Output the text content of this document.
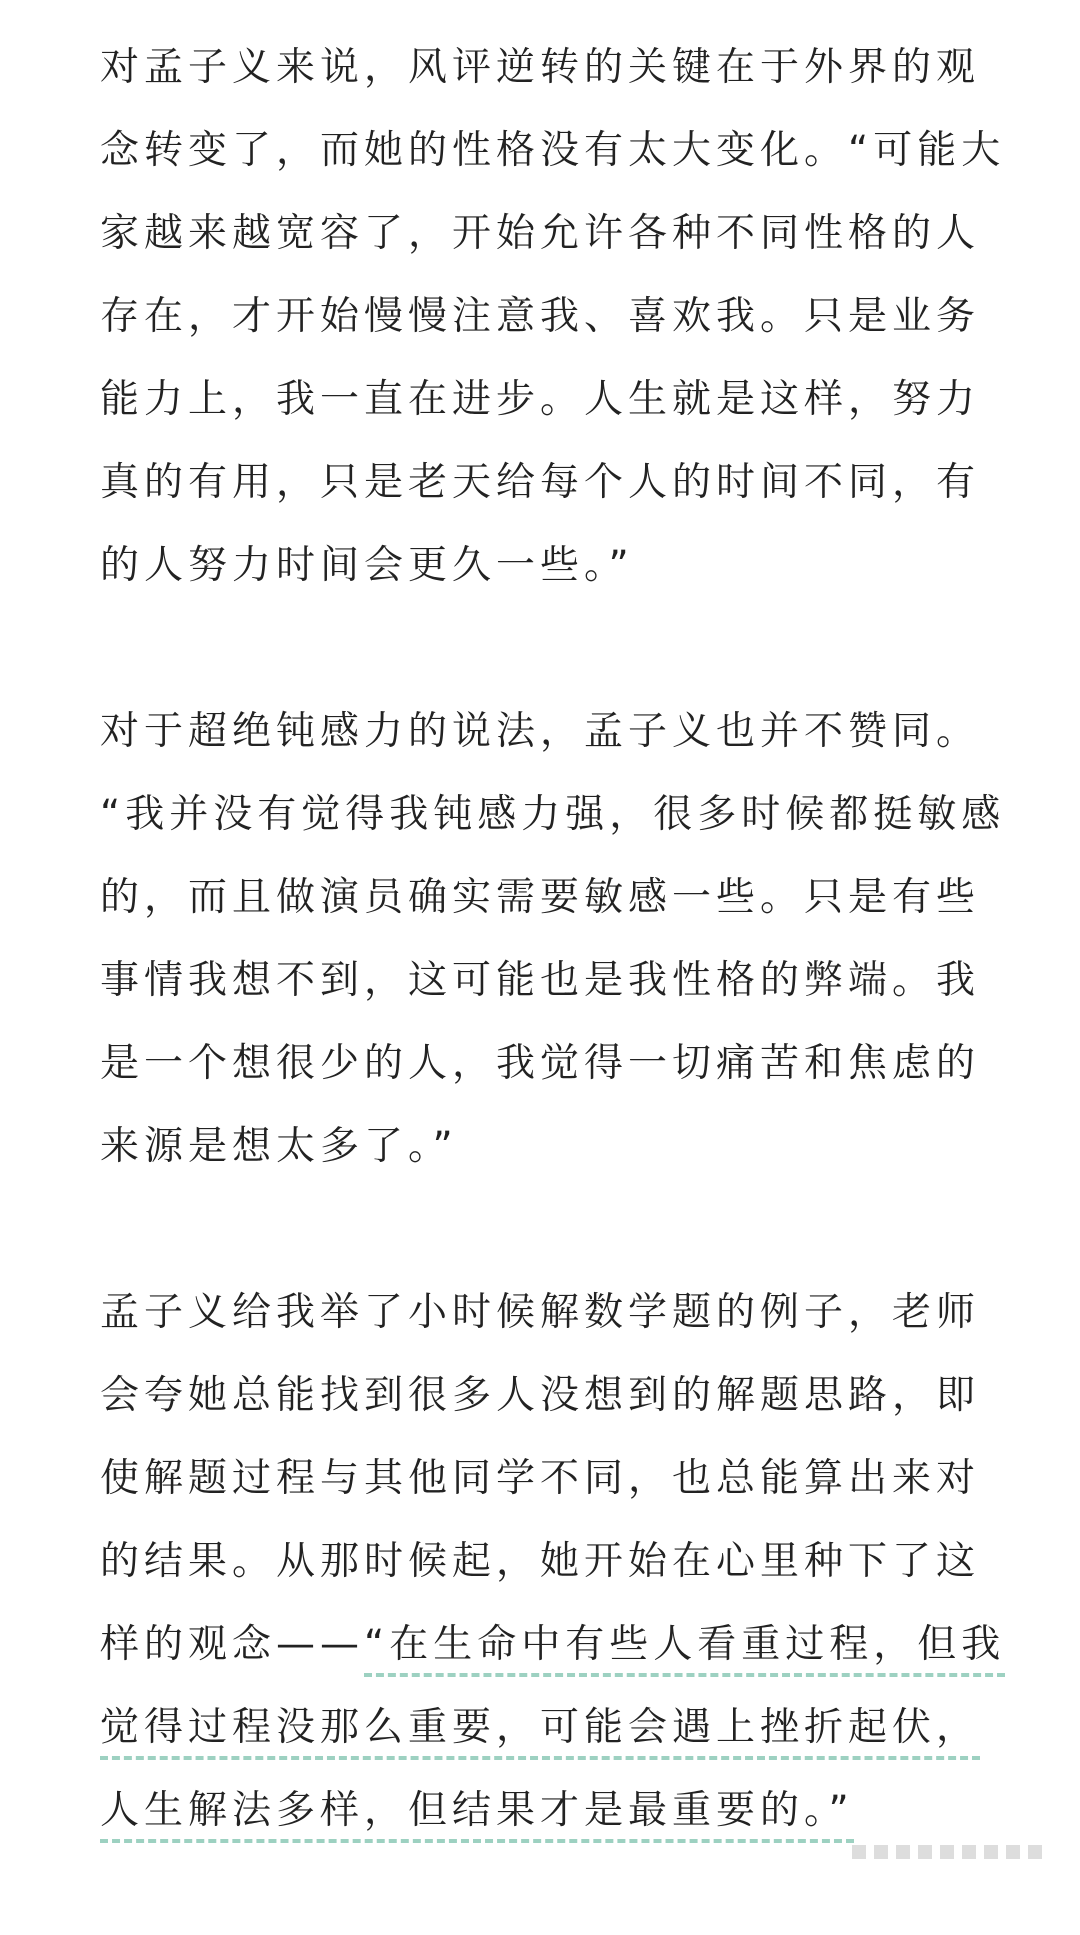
对孟子义来说，风评逆转的关键在于外界的观
念转变了，而她的性格没有太大变化。“可能大
家越来越宽容了，开始允许各种不同性格的人
存在，才开始慢慢注意我、喜欢我。只是业务
能力上，我一直在进步。人生就是这样，努力
真的有用，只是老天给每个人的时间不同，有
的人努力时间会更久一些。”
对于超绝钝感力的说法，孟子义也并不赞同。
“我并没有觉得我钝感力强，很多时候都挺敏感
的，而且做演员确实需要敏感一些。只是有些
事情我想不到，这可能也是我性格的弊端。我
是一个想很少的人，我觉得一切痛苦和焦虑的
来源是想太多了。”
孟子义给我举了小时候解数学题的例子，老师
会夸她总能找到很多人没想到的解题思路，即
使解题过程与其他同学不同，也总能算出来对
的结果。从那时候起，她开始在心里种下了这
样的观念——“在生命中有些人看重过程，但我
觉得过程没那么重要，可能会遇上挫折起伏，
人生解法多样，但结果才是最重要的。”
